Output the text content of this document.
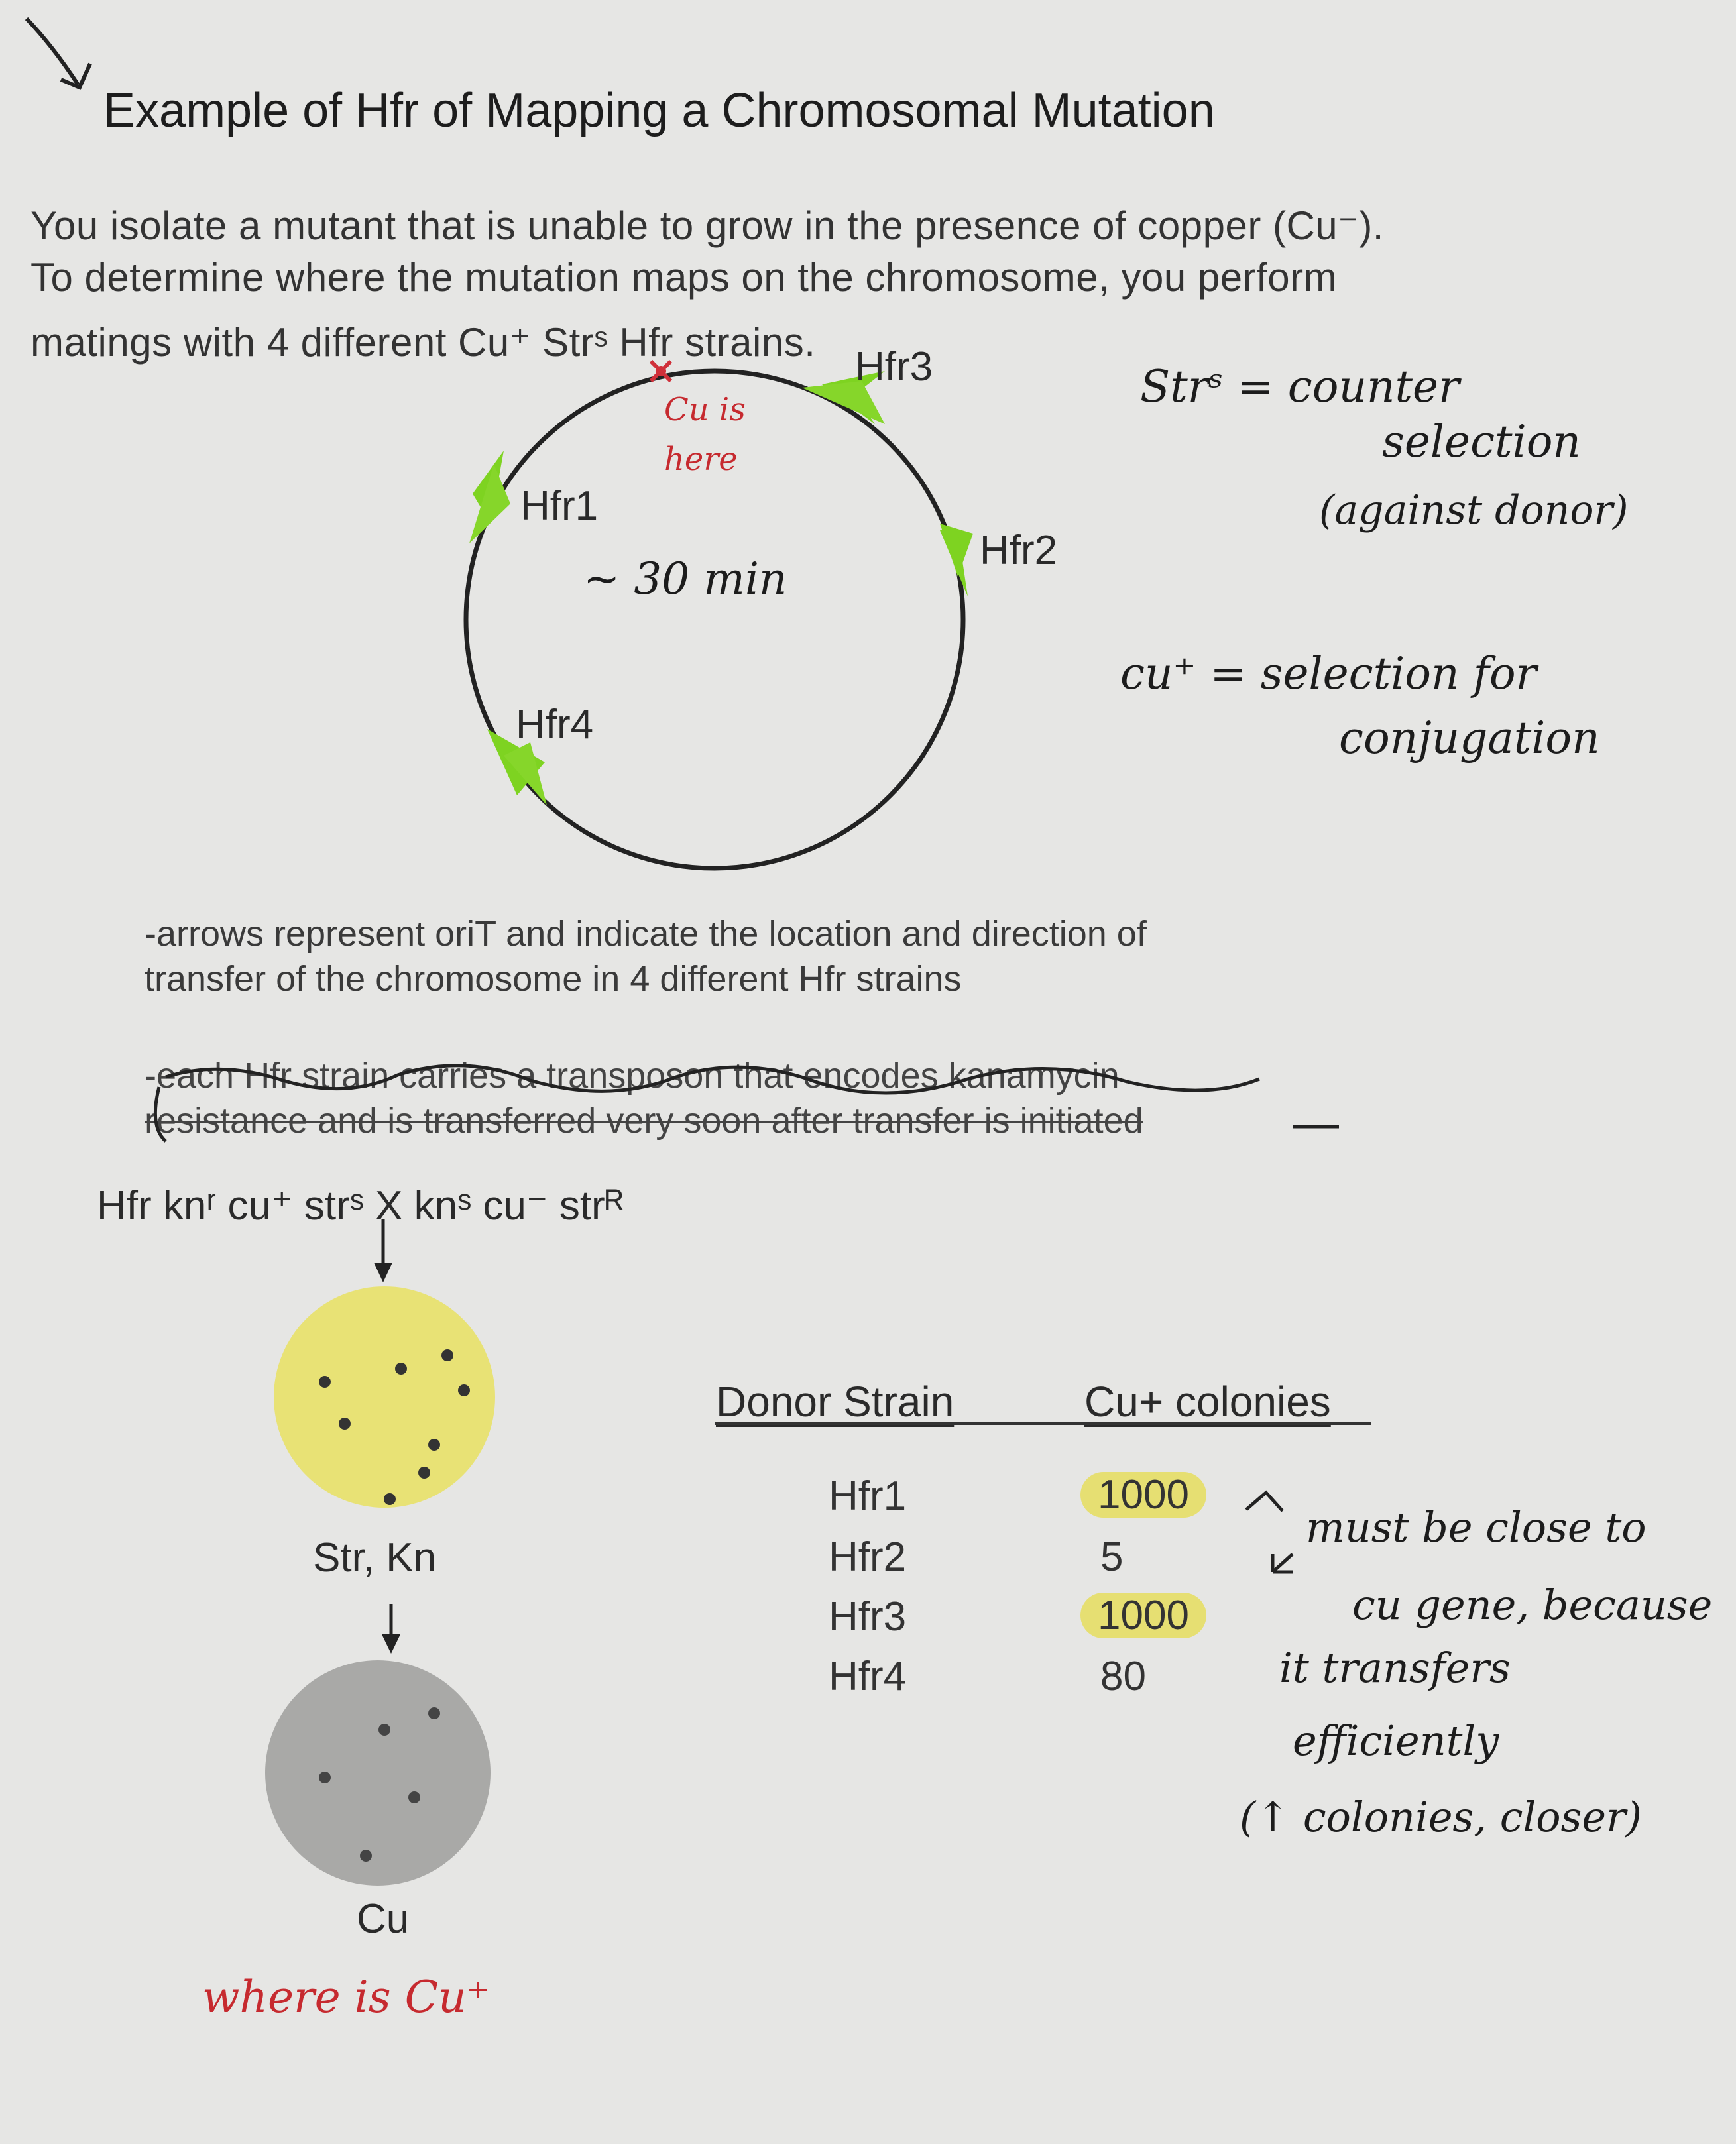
Example of Hfr of Mapping a Chromosomal Mutation
You isolate a mutant that is unable to grow in the presence of copper (Cu⁻).
To determine where the mutation maps on the chromosome, you perform
matings with 4 different Cu⁺ Strˢ Hfr strains.
Hfr3
Hfr1
Hfr2
Hfr4
~ 30 min
Cu is
here
Strˢ = counter
selection
(against donor)
cu⁺ = selection for
conjugation
-arrows represent oriT and indicate the location and direction of
transfer of the chromosome in 4 different Hfr strains
-each Hfr strain carries a transposon that encodes kanamycin
resistance and is transferred very soon after transfer is initiated
Hfr knʳ cu⁺ strˢ X knˢ cu⁻ strᴿ
Str, Kn
Cu
where is Cu⁺
Donor Strain	Cu+ colonies
Hfr1
Hfr2
Hfr3
Hfr4
1000
5
1000
80
must be close to
cu gene, because
it transfers
efficiently
(↑ colonies, closer)
